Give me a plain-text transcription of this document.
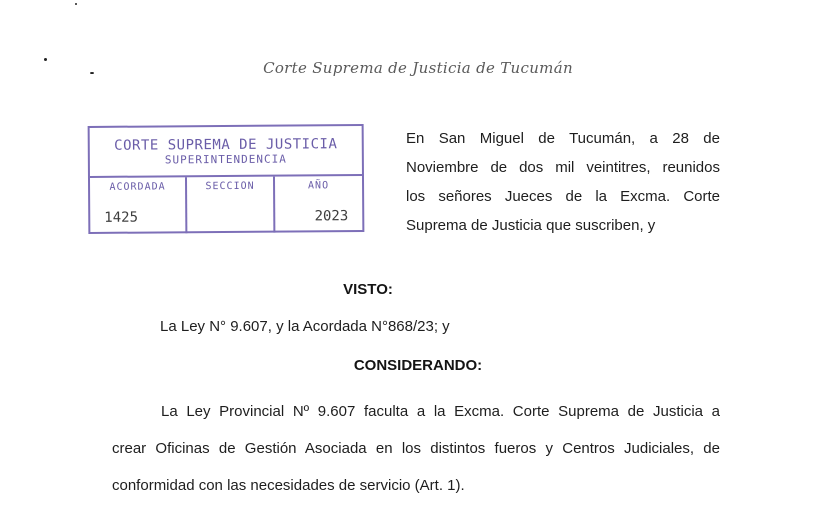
Corte Suprema de Justicia de Tucumán
CORTE SUPREMA DE JUSTICIA
SUPERINTENDENCIA
ACORDADA
1425
SECCION	AÑO
2023
En San Miguel de Tucumán, a 28 de
Noviembre de dos mil veintitres, reunidos
los señores Jueces de la Excma. Corte
Suprema de Justicia que suscriben, y
VISTO:
La Ley N° 9.607, y la Acordada N°868/23; y
CONSIDERANDO:
La Ley Provincial Nº 9.607 faculta a la Excma. Corte Suprema de Justicia a
crear Oficinas de Gestión Asociada en los distintos fueros y Centros Judiciales, de
conformidad con las necesidades de servicio (Art. 1).
